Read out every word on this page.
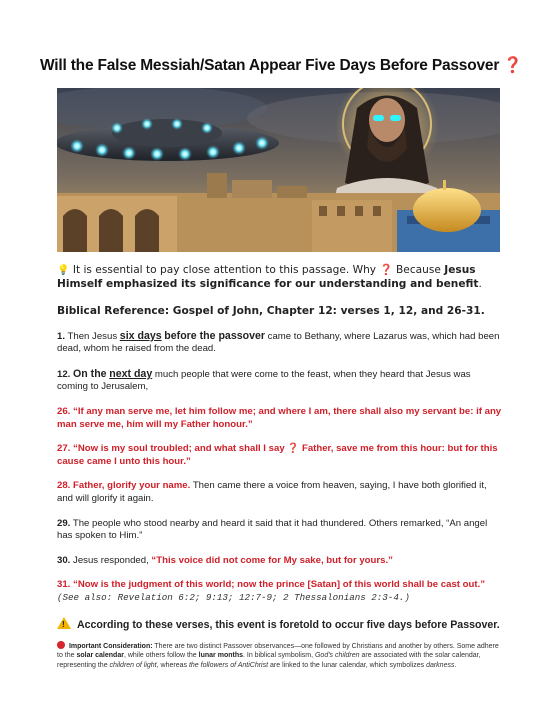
Will the False Messiah/Satan Appear Five Days Before Passover ❓

💡 It is essential to pay close attention to this passage. Why ❓ Because Jesus Himself emphasized its significance for our understanding and benefit.

Biblical Reference: Gospel of John, Chapter 12: verses 1, 12, and 26-31.

1. Then Jesus six days before the passover came to Bethany, where Lazarus was, which had been dead, whom he raised from the dead.

12. On the next day much people that were come to the feast, when they heard that Jesus was coming to Jerusalem,

26. “If any man serve me, let him follow me; and where I am, there shall also my servant be: if any man serve me, him will my Father honour.”

27. “Now is my soul troubled; and what shall I say ❓ Father, save me from this hour: but for this cause came I unto this hour.”

28. Father, glorify your name. Then came there a voice from heaven, saying, I have both glorified it, and will glorify it again.

29. The people who stood nearby and heard it said that it had thundered. Others remarked, “An angel has spoken to Him.”

30. Jesus responded, “This voice did not come for My sake, but for yours.”

31. “Now is the judgment of this world; now the prince [Satan] of this world shall be cast out.” (See also: Revelation 6:2; 9:13; 12:7-9; 2 Thessalonians 2:3-4.)

!According to these verses, this event is foretold to occur five days before Passover.

Important Consideration: There are two distinct Passover observances—one followed by Christians and another by others. Some adhere to the solar calendar, while others follow the lunar months. In biblical symbolism, God's children are associated with the solar calendar, representing the children of light, whereas the followers of AntiChrist are linked to the lunar calendar, which symbolizes darkness.
